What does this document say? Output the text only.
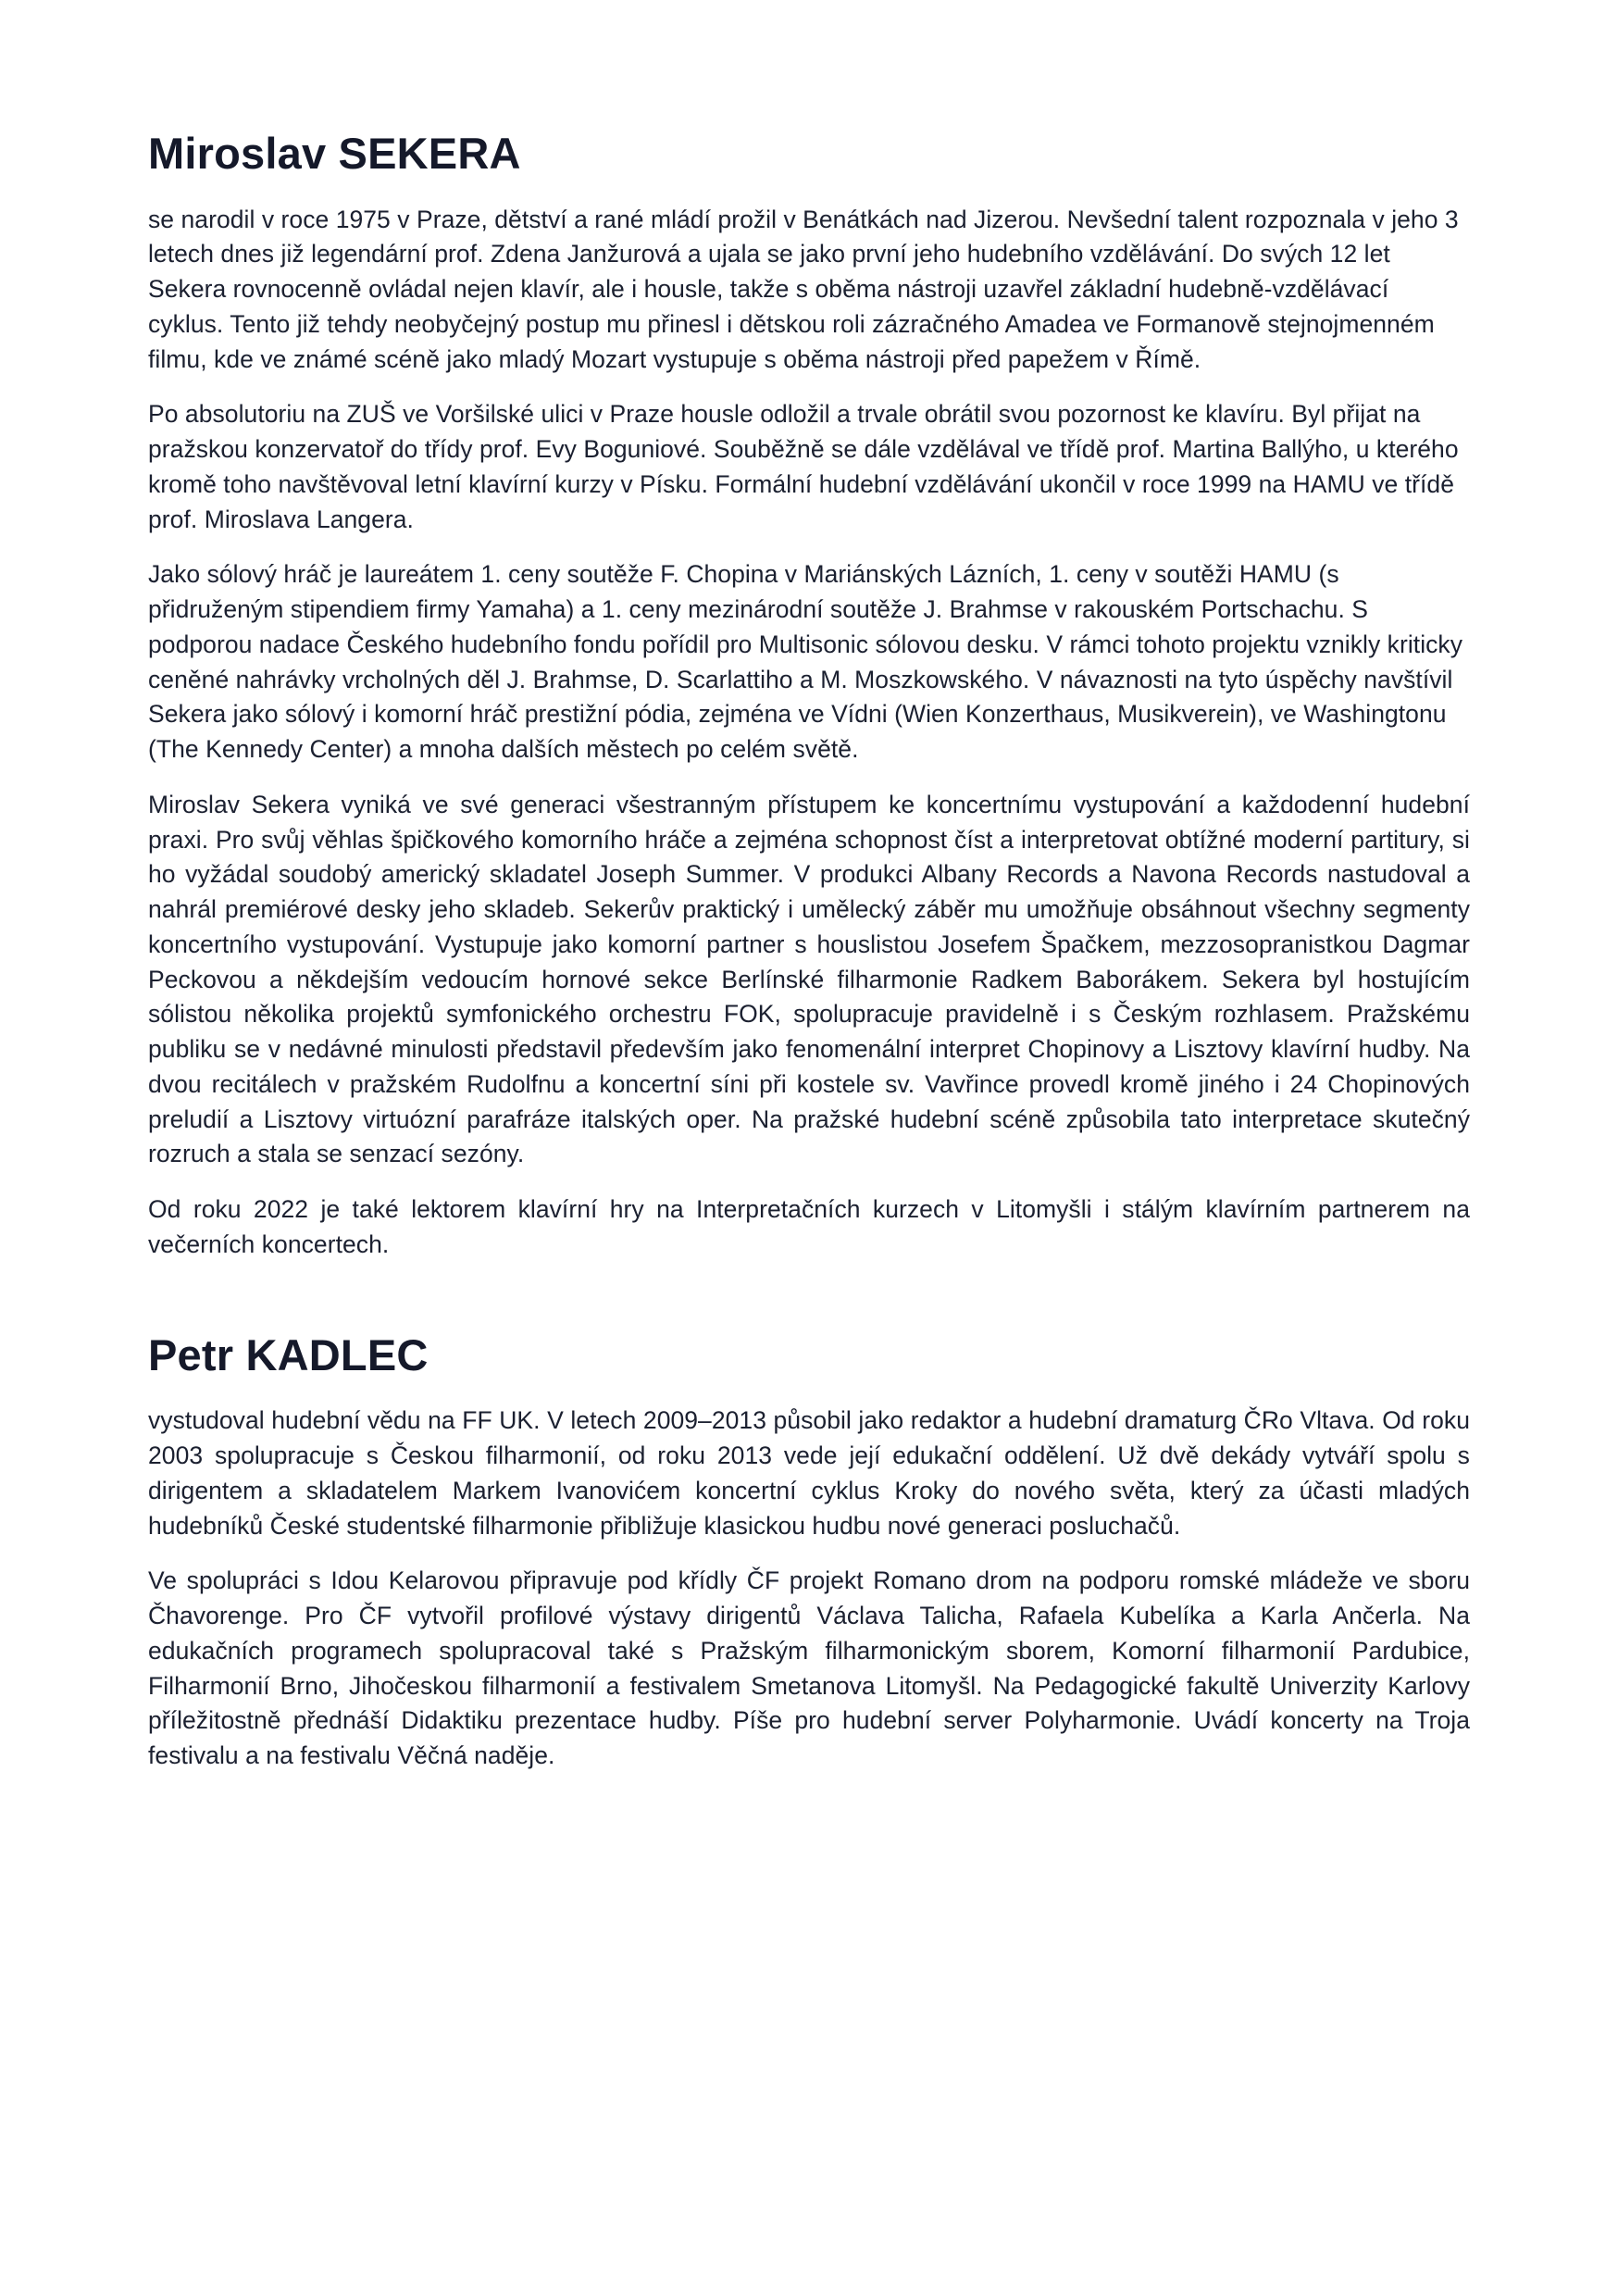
Miroslav SEKERA

se narodil v roce 1975 v Praze, dětství a rané mládí prožil v Benátkách nad Jizerou. Nevšední talent rozpoznala v jeho 3 letech dnes již legendární prof. Zdena Janžurová a ujala se jako první jeho hudebního vzdělávání. Do svých 12 let Sekera rovnocenně ovládal nejen klavír, ale i housle, takže s oběma nástroji uzavřel základní hudebně-vzdělávací cyklus. Tento již tehdy neobyčejný postup mu přinesl i dětskou roli zázračného Amadea ve Formanově stejnojmenném filmu, kde ve známé scéně jako mladý Mozart vystupuje s oběma nástroji před papežem v Římě.

Po absolutoriu na ZUŠ ve Voršilské ulici v Praze housle odložil a trvale obrátil svou pozornost ke klavíru. Byl přijat na pražskou konzervatoř do třídy prof. Evy Boguniové. Souběžně se dále vzdělával ve třídě prof. Martina Ballýho, u kterého kromě toho navštěvoval letní klavírní kurzy v Písku. Formální hudební vzdělávání ukončil v roce 1999 na HAMU ve třídě prof. Miroslava Langera.

Jako sólový hráč je laureátem 1. ceny soutěže F. Chopina v Mariánských Lázních, 1. ceny v soutěži HAMU (s přidruženým stipendiem firmy Yamaha) a 1. ceny mezinárodní soutěže J. Brahmse v rakouském Portschachu. S podporou nadace Českého hudebního fondu pořídil pro Multisonic sólovou desku. V rámci tohoto projektu vznikly kriticky ceněné nahrávky vrcholných děl J. Brahmse, D. Scarlattiho a M. Moszkowského. V návaznosti na tyto úspěchy navštívil Sekera jako sólový i komorní hráč prestižní pódia, zejména ve Vídni (Wien Konzerthaus, Musikverein), ve Washingtonu (The Kennedy Center) a mnoha dalších městech po celém světě.

Miroslav Sekera vyniká ve své generaci všestranným přístupem ke koncertnímu vystupování a každodenní hudební praxi. Pro svůj věhlas špičkového komorního hráče a zejména schopnost číst a interpretovat obtížné moderní partitury, si ho vyžádal soudobý americký skladatel Joseph Summer. V produkci Albany Records a Navona Records nastudoval a nahrál premiérové desky jeho skladeb. Sekerův praktický i umělecký záběr mu umožňuje obsáhnout všechny segmenty koncertního vystupování. Vystupuje jako komorní partner s houslistou Josefem Špačkem, mezzosopranistkou Dagmar Peckovou a někdejším vedoucím hornové sekce Berlínské filharmonie Radkem Baborákem. Sekera byl hostujícím sólistou několika projektů symfonického orchestru FOK, spolupracuje pravidelně i s Českým rozhlasem. Pražskému publiku se v nedávné minulosti představil především jako fenomenální interpret Chopinovy a Lisztovy klavírní hudby. Na dvou recitálech v pražském Rudolfnu a koncertní síni při kostele sv. Vavřince provedl kromě jiného i 24 Chopinových preludií a Lisztovy virtuózní parafráze italských oper. Na pražské hudební scéně způsobila tato interpretace skutečný rozruch a stala se senzací sezóny.

Od roku 2022 je také lektorem klavírní hry na Interpretačních kurzech v Litomyšli i stálým klavírním partnerem na večerních koncertech.

Petr KADLEC

vystudoval hudební vědu na FF UK. V letech 2009–2013 působil jako redaktor a hudební dramaturg ČRo Vltava. Od roku 2003 spolupracuje s Českou filharmonií, od roku 2013 vede její edukační oddělení. Už dvě dekády vytváří spolu s dirigentem a skladatelem Markem Ivanovićem koncertní cyklus Kroky do nového světa, který za účasti mladých hudebníků České studentské filharmonie přibližuje klasickou hudbu nové generaci posluchačů.

Ve spolupráci s Idou Kelarovou připravuje pod křídly ČF projekt Romano drom na podporu romské mládeže ve sboru Čhavorenge. Pro ČF vytvořil profilové výstavy dirigentů Václava Talicha, Rafaela Kubelíka a Karla Ančerla. Na edukačních programech spolupracoval také s Pražským filharmonickým sborem, Komorní filharmonií Pardubice, Filharmonií Brno, Jihočeskou filharmonií a festivalem Smetanova Litomyšl. Na Pedagogické fakultě Univerzity Karlovy příležitostně přednáší Didaktiku prezentace hudby. Píše pro hudební server Polyharmonie. Uvádí koncerty na Troja festivalu a na festivalu Věčná naděje.
